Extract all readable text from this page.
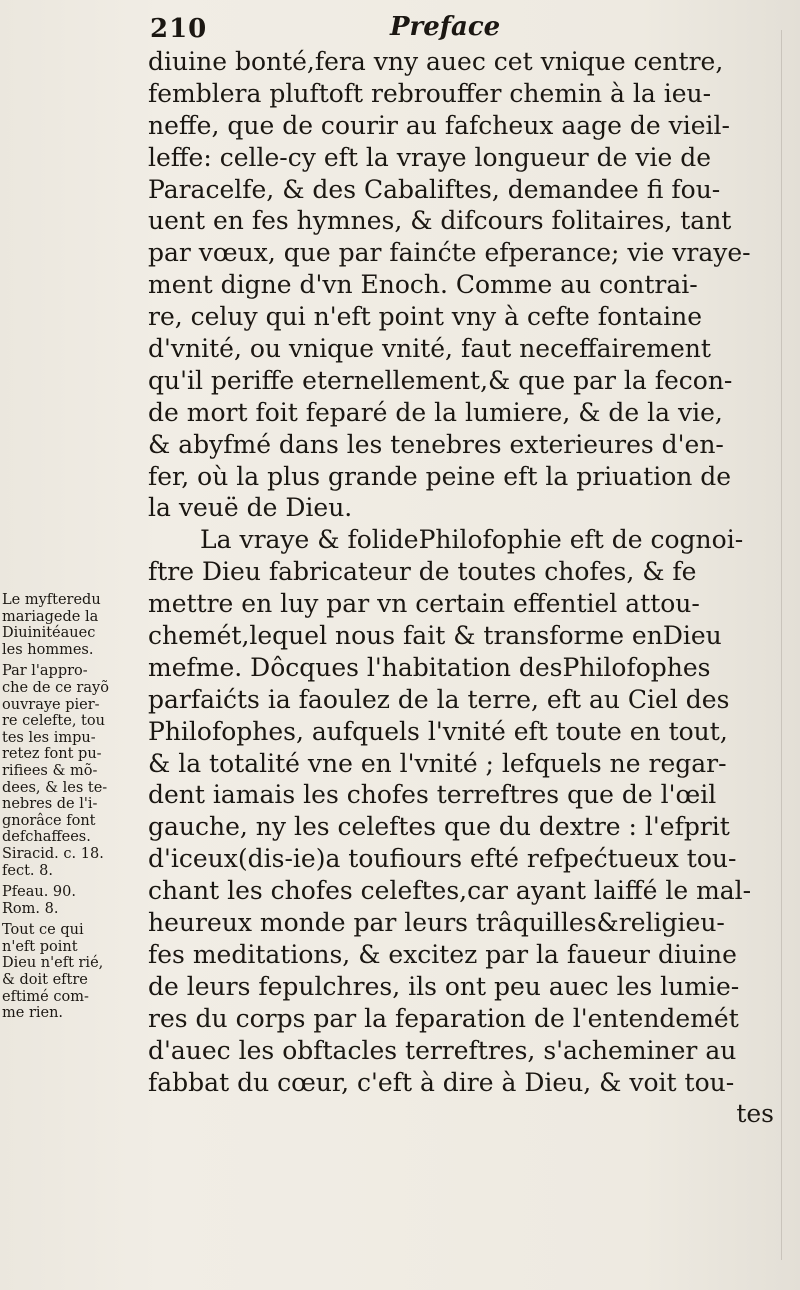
210	Preface
diuine bonté,fera vny auec cet vnique centre,
femblera pluftoft rebrouffer chemin à la ieu-
neffe, que de courir au fafcheux aage de vieil-
leffe: celle-cy eft la vraye longueur de vie de
Paracelfe, & des Cabaliftes, demandee fi fou-
uent en fes hymnes, & difcours folitaires, tant
par vœux, que par fainćte efperance; vie vraye-
ment digne d'vn Enoch. Comme au contrai-
re, celuy qui n'eft point vny à cefte fontaine
d'vnité, ou vnique vnité, faut neceffairement
qu'il periffe eternellement,& que par la fecon-
de mort foit feparé de la lumiere, & de la vie,
& abyfmé dans les tenebres exterieures d'en-
fer, où la plus grande peine eft la priuation de
la veuë de Dieu.
La vraye & folidePhilofophie eft de cognoi-
ftre Dieu fabricateur de toutes chofes, & fe
mettre en luy par vn certain effentiel attou-
chemét,lequel nous fait & transforme enDieu
mefme. Dôcques l'habitation desPhilofophes
parfaićts ia faoulez de la terre, eft au Ciel des
Philofophes, aufquels l'vnité eft toute en tout,
& la totalité vne en l'vnité ; lefquels ne regar-
dent iamais les chofes terreftres que de l'œil
gauche, ny les celeftes que du dextre : l'efprit
d'iceux(dis-ie)a toufiours efté refpećtueux tou-
chant les chofes celeftes,car ayant laiffé le mal-
heureux monde par leurs trâquilles&religieu-
fes meditations, & excitez par la faueur diuine
de leurs fepulchres, ils ont peu auec les lumie-
res du corps par la feparation de l'entendemét
d'auec les obftacles terreftres, s'acheminer au
fabbat du cœur, c'eft à dire à Dieu, & voit tou-
tes
Le myfteredu
mariagede la
Diuinitéauec
les hommes.
Par l'appro-
che de ce rayõ
ouvraye pier-
re celefte, tou
tes les impu-
retez font pu-
rifiees & mõ-
dees, & les te-
nebres de l'i-
gnorâce font
defchaffees.
Siracid. c. 18.
fect. 8.
Pfeau. 90.
Rom. 8.
Tout ce qui
n'eft point
Dieu n'eft rié,
& doit eftre
eftimé com-
me rien.
